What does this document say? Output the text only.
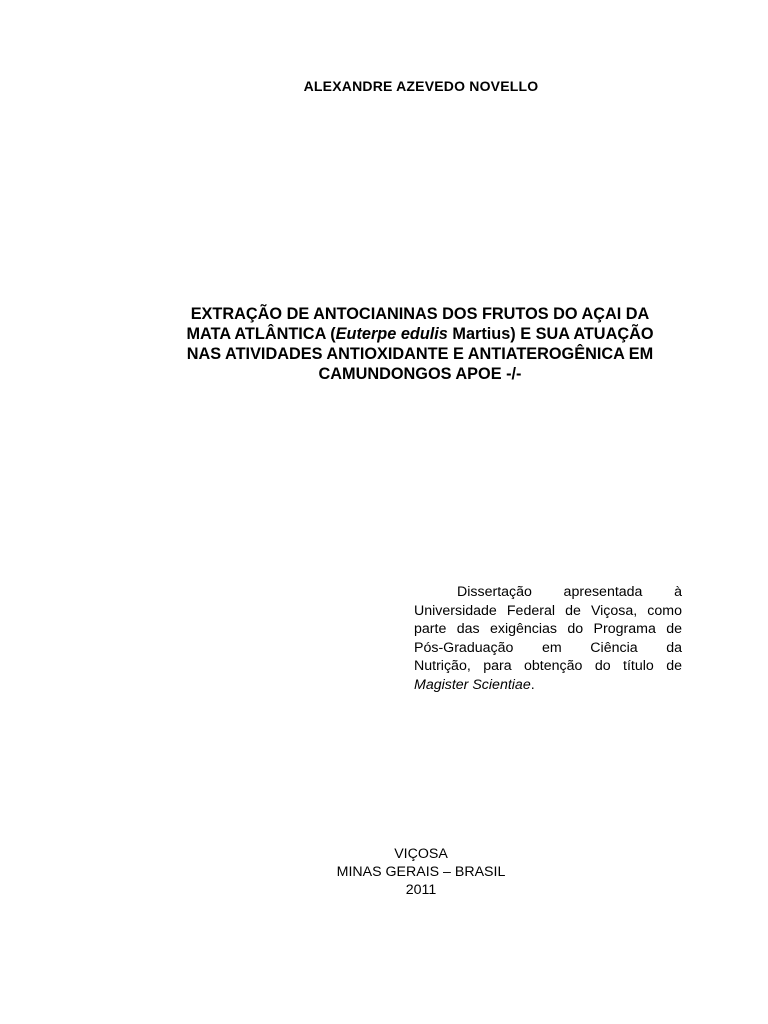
ALEXANDRE AZEVEDO NOVELLO
EXTRAÇÃO DE ANTOCIANINAS DOS FRUTOS DO AÇAI DA
MATA ATLÂNTICA (Euterpe edulis Martius) E SUA ATUAÇÃO
NAS ATIVIDADES ANTIOXIDANTE E ANTIATEROGÊNICA EM
CAMUNDONGOS APOE -/-
Dissertação apresentada à
Universidade Federal de Viçosa, como
parte das exigências do Programa de
Pós-Graduação em Ciência da
Nutrição, para obtenção do título de
Magister Scientiae.
VIÇOSA
MINAS GERAIS – BRASIL
2011
